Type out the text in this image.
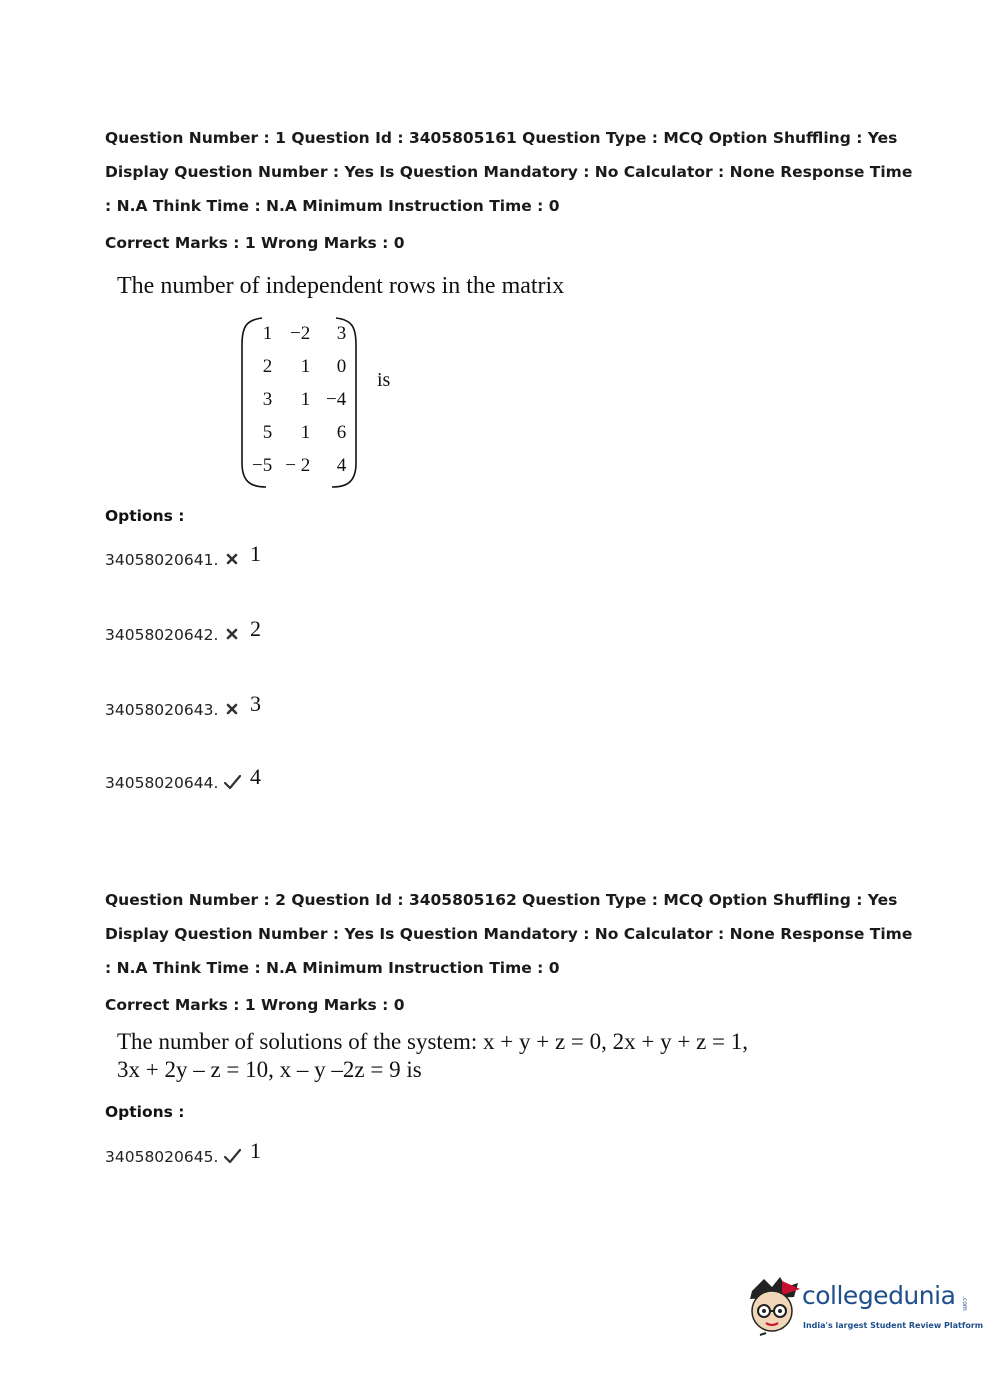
Question Number : 1 Question Id : 3405805161 Question Type : MCQ Option Shuffling : Yes
Display Question Number : Yes Is Question Mandatory : No Calculator : None Response Time
: N.A Think Time : N.A Minimum Instruction Time : 0
Correct Marks : 1 Wrong Marks : 0
The number of independent rows in the matrix
1	−2	3
2	1	0
3	1	−4
5	1	6
−5	− 2	4
is
Options :
34058020641. 1
34058020642. 2
34058020643. 3
34058020644. 4
Question Number : 2 Question Id : 3405805162 Question Type : MCQ Option Shuffling : Yes
Display Question Number : Yes Is Question Mandatory : No Calculator : None Response Time
: N.A Think Time : N.A Minimum Instruction Time : 0
Correct Marks : 1 Wrong Marks : 0
The number of solutions of the system: x + y + z = 0, 2x + y + z = 1,
3x + 2y – z = 10, x – y –2z = 9 is
Options :
34058020645. 1
collegedunia .com
India's largest Student Review Platform
